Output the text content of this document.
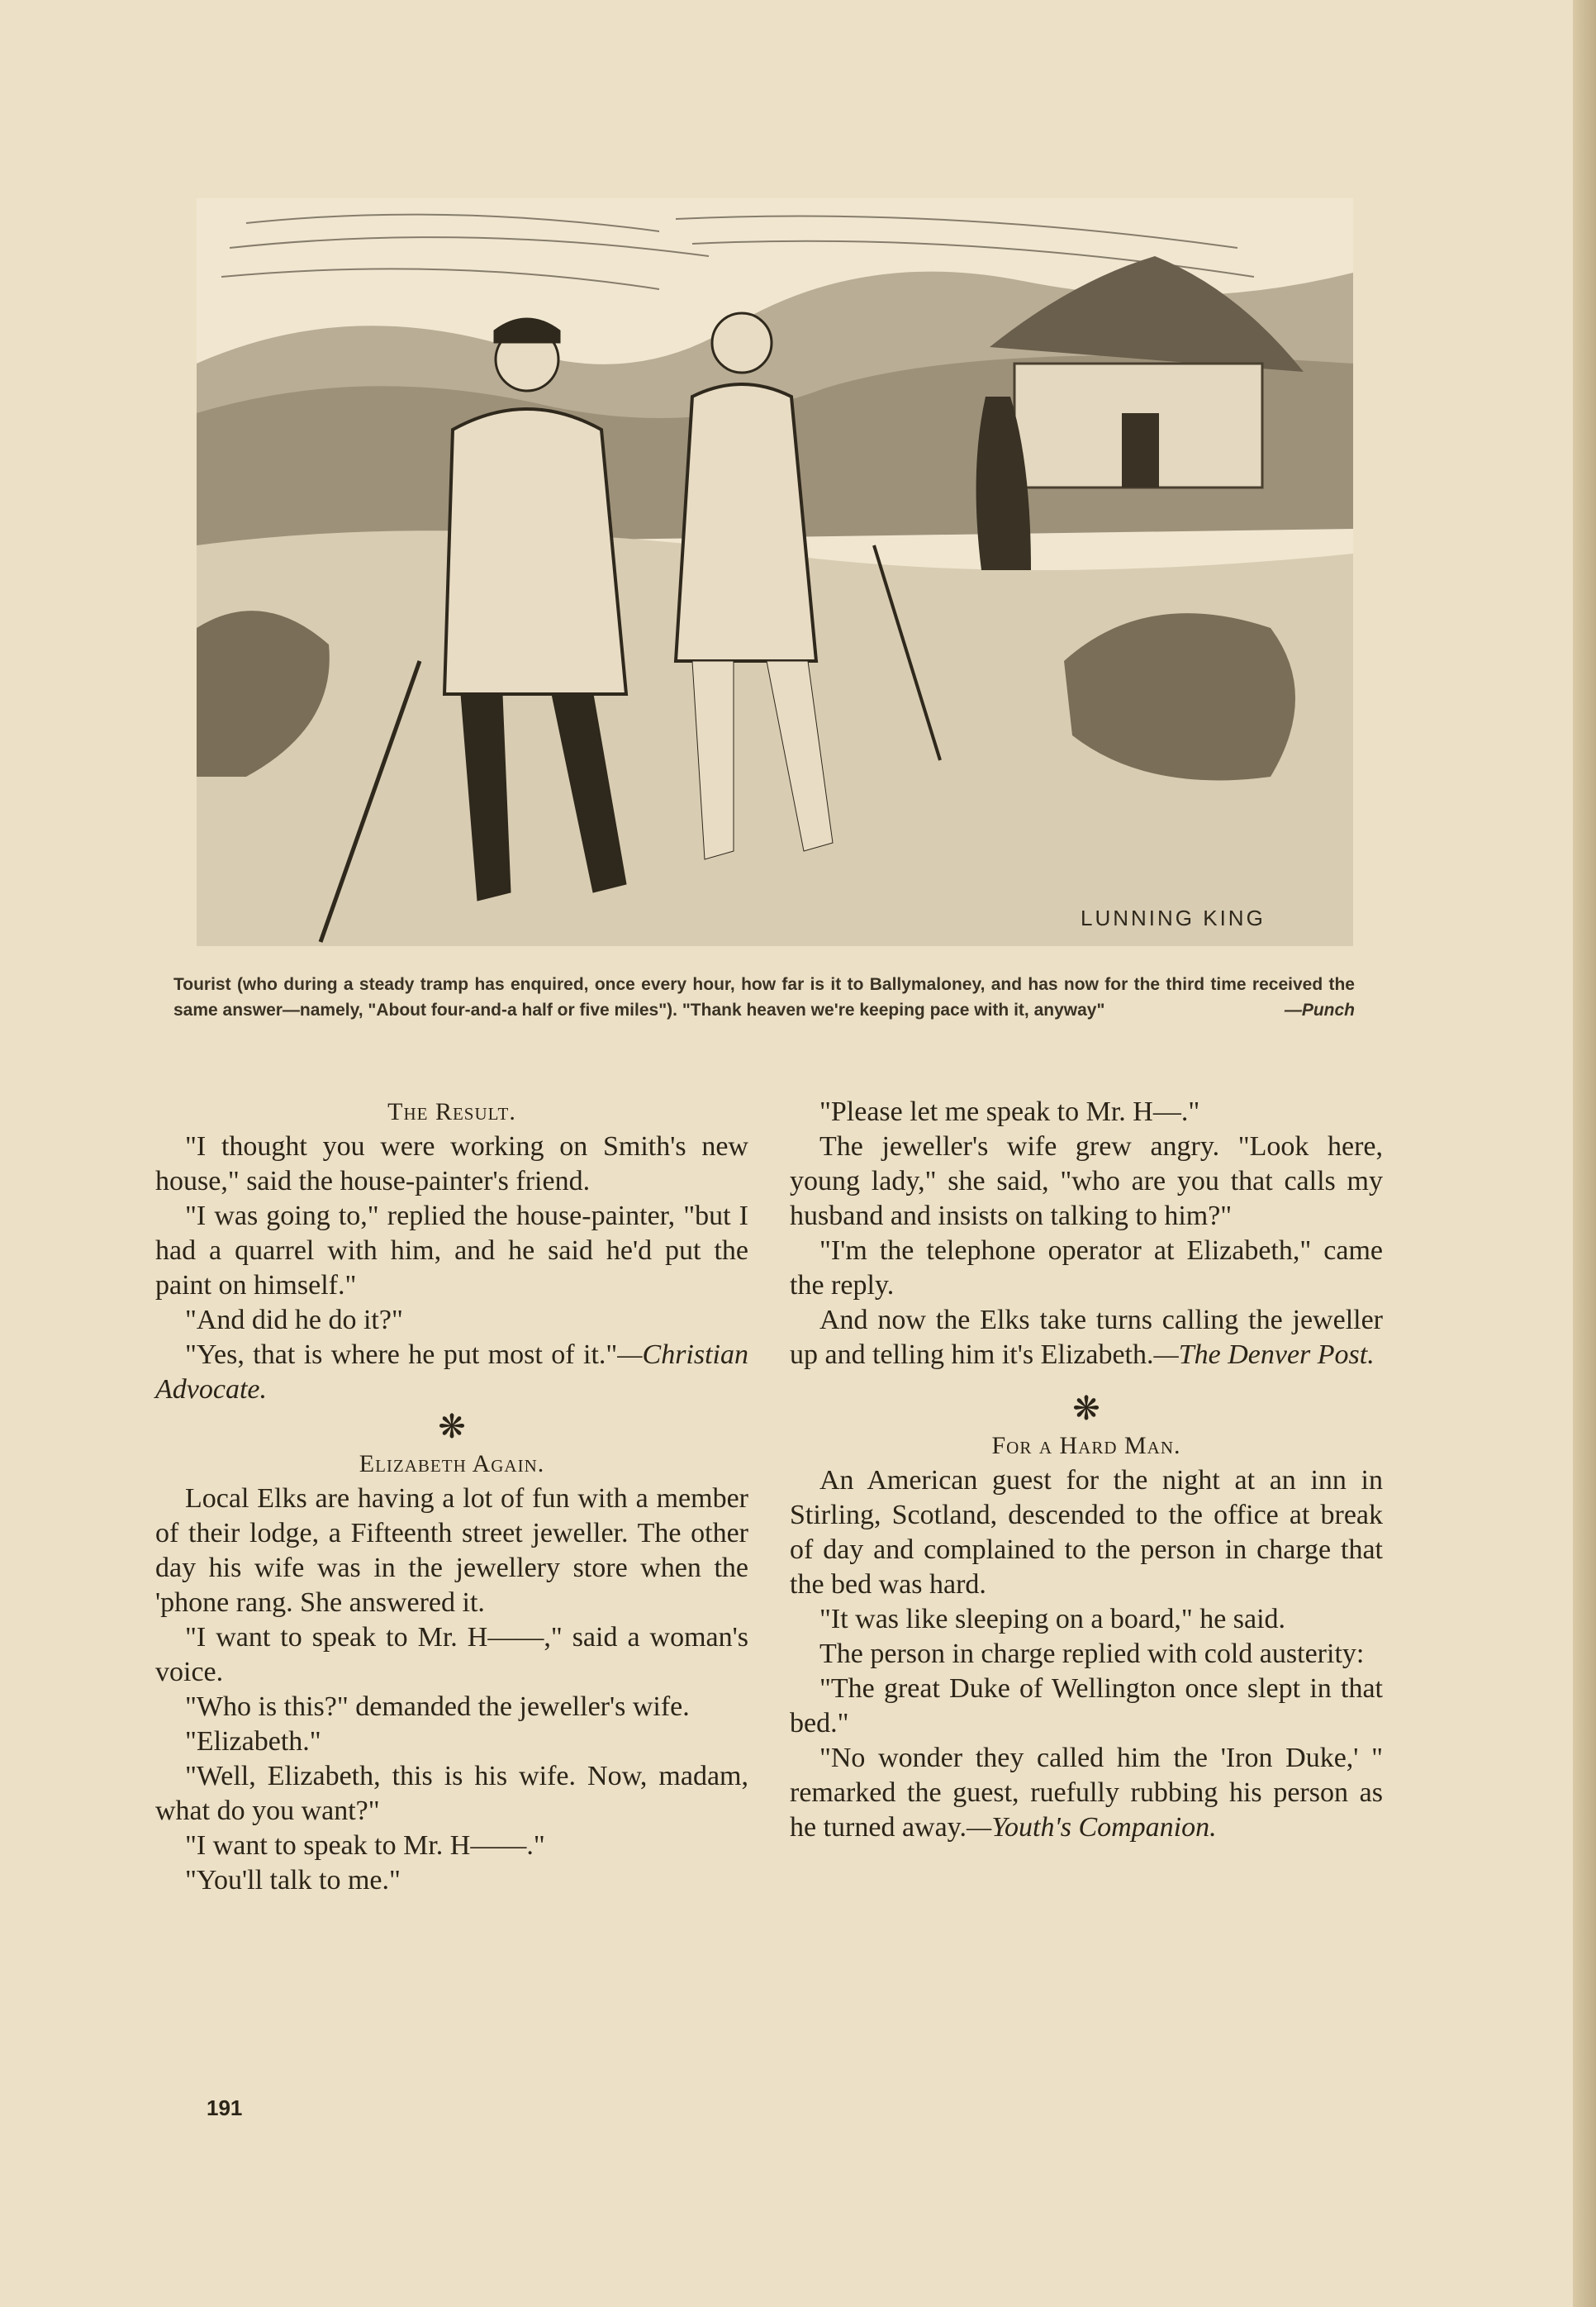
LUNNING KING
Tourist (who during a steady tramp has enquired, once every hour, how far is it to Ballymaloney, and has now for the third time received the same answer—namely, "About four-and-a half or five miles"). "Thank heaven we're keeping pace with it, anyway"	—Punch

The Result.

"I thought you were working on Smith's new house," said the house-painter's friend.

"I was going to," replied the house-painter, "but I had a quarrel with him, and he said he'd put the paint on himself."

"And did he do it?"

"Yes, that is where he put most of it."—Christian Advocate.

❋

Elizabeth Again.

Local Elks are having a lot of fun with a member of their lodge, a Fifteenth street jeweller. The other day his wife was in the jewellery store when the 'phone rang. She answered it.

"I want to speak to Mr. H——," said a woman's voice.

"Who is this?" demanded the jeweller's wife.

"Elizabeth."

"Well, Elizabeth, this is his wife. Now, madam, what do you want?"

"I want to speak to Mr. H——."

"You'll talk to me."

"Please let me speak to Mr. H—."

The jeweller's wife grew angry. "Look here, young lady," she said, "who are you that calls my husband and insists on talking to him?"

"I'm the telephone operator at Elizabeth," came the reply.

And now the Elks take turns calling the jeweller up and telling him it's Elizabeth.—The Denver Post.

❋

For a Hard Man.

An American guest for the night at an inn in Stirling, Scotland, descended to the office at break of day and complained to the person in charge that the bed was hard.

"It was like sleeping on a board," he said.

The person in charge replied with cold austerity:

"The great Duke of Wellington once slept in that bed."

"No wonder they called him the 'Iron Duke,' " remarked the guest, ruefully rubbing his person as he turned away.—Youth's Companion.

191
